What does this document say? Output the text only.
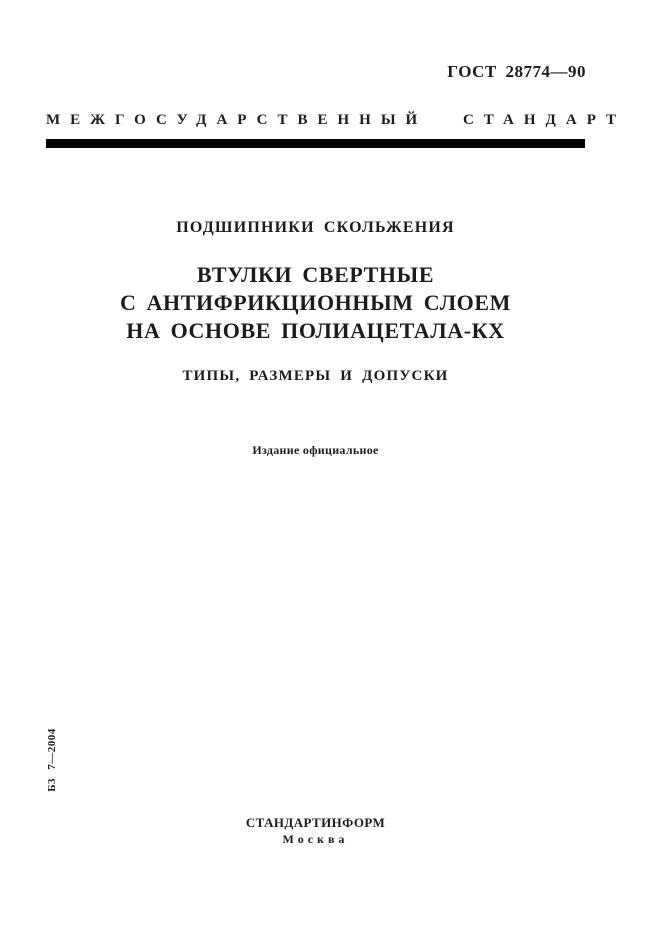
ГОСТ 28774—90
МЕЖГОСУДАРСТВЕННЫЙ СТАНДАРТ
ПОДШИПНИКИ СКОЛЬЖЕНИЯ
ВТУЛКИ СВЕРТНЫЕ
С АНТИФРИКЦИОННЫМ СЛОЕМ
НА ОСНОВЕ ПОЛИАЦЕТАЛА-КХ
ТИПЫ, РАЗМЕРЫ И ДОПУСКИ
Издание официальное
Б3 7—2004
СТАНДАРТИНФОРМ
Москва
